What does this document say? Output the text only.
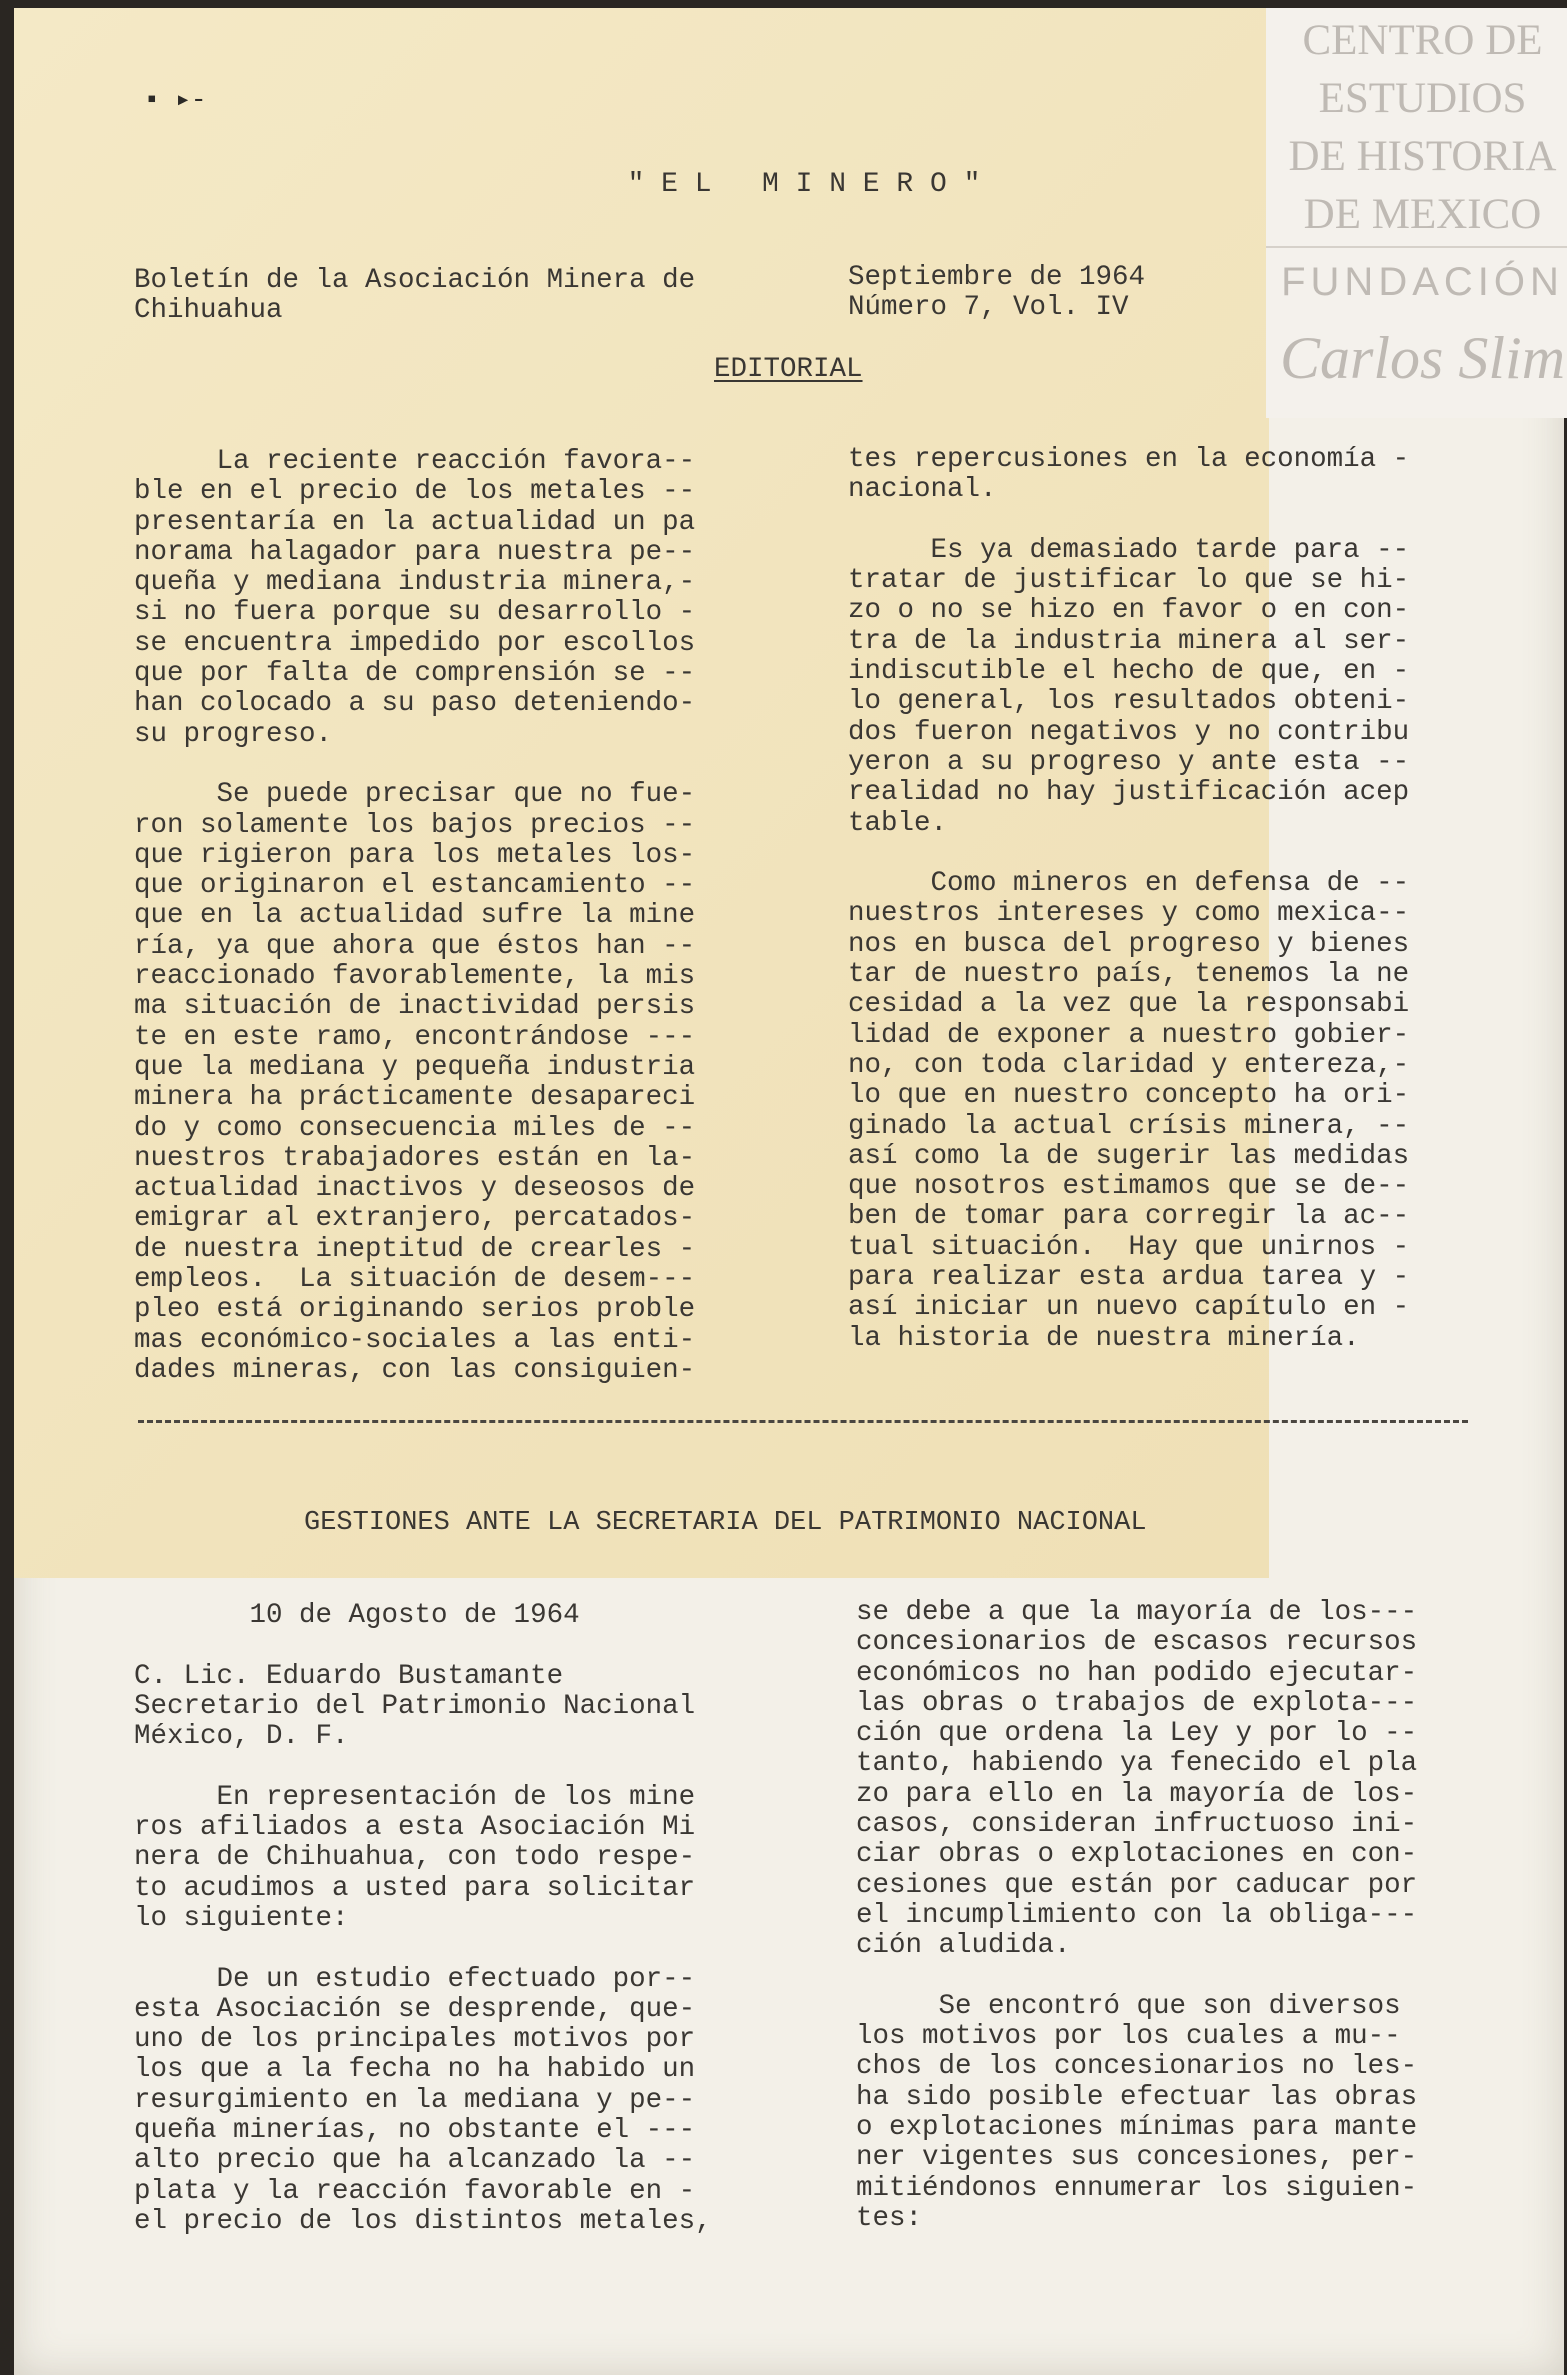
CENTRO DE
ESTUDIOS
DE HISTORIA
DE MEXICO
FUNDACIÓN
Carlos Slim
▪ ▸-
" E L   M I N E R O "
Boletín de la Asociación Minera de
Chihuahua
Septiembre de 1964
Número 7, Vol. IV
EDITORIAL
La reciente reacción favora--
ble en el precio de los metales --
presentaría en la actualidad un pa
norama halagador para nuestra pe--
queña y mediana industria minera,-
si no fuera porque su desarrollo -
se encuentra impedido por escollos
que por falta de comprensión se --
han colocado a su paso deteniendo-
su progreso.

Se puede precisar que no fue-
ron solamente los bajos precios --
que rigieron para los metales los-
que originaron el estancamiento --
que en la actualidad sufre la mine
ría, ya que ahora que éstos han --
reaccionado favorablemente, la mis
ma situación de inactividad persis
te en este ramo, encontrándose ---
que la mediana y pequeña industria
minera ha prácticamente desapareci
do y como consecuencia miles de --
nuestros trabajadores están en la-
actualidad inactivos y deseosos de
emigrar al extranjero, percatados-
de nuestra ineptitud de crearles -
empleos.  La situación de desem---
pleo está originando serios proble
mas económico-sociales a las enti-
dades mineras, con las consiguien-
tes repercusiones en la economía -
nacional.

Es ya demasiado tarde para --
tratar de justificar lo que se hi-
zo o no se hizo en favor o en con-
tra de la industria minera al ser-
indiscutible el hecho de que, en -
lo general, los resultados obteni-
dos fueron negativos y no contribu
yeron a su progreso y ante esta --
realidad no hay justificación acep
table.

Como mineros en defensa de --
nuestros intereses y como mexica--
nos en busca del progreso y bienes
tar de nuestro país, tenemos la ne
cesidad a la vez que la responsabi
lidad de exponer a nuestro gobier-
no, con toda claridad y entereza,-
lo que en nuestro concepto ha ori-
ginado la actual crísis minera, --
así como la de sugerir las medidas
que nosotros estimamos que se de--
ben de tomar para corregir la ac--
tual situación.  Hay que unirnos -
para realizar esta ardua tarea y -
así iniciar un nuevo capítulo en -
la historia de nuestra minería.
GESTIONES ANTE LA SECRETARIA DEL PATRIMONIO NACIONAL
10 de Agosto de 1964

C. Lic. Eduardo Bustamante
Secretario del Patrimonio Nacional
México, D. F.

En representación de los mine
ros afiliados a esta Asociación Mi
nera de Chihuahua, con todo respe-
to acudimos a usted para solicitar
lo siguiente:

De un estudio efectuado por--
esta Asociación se desprende, que-
uno de los principales motivos por
los que a la fecha no ha habido un
resurgimiento en la mediana y pe--
queña minerías, no obstante el ---
alto precio que ha alcanzado la --
plata y la reacción favorable en -
el precio de los distintos metales,
se debe a que la mayoría de los---
concesionarios de escasos recursos
económicos no han podido ejecutar-
las obras o trabajos de explota---
ción que ordena la Ley y por lo --
tanto, habiendo ya fenecido el pla
zo para ello en la mayoría de los-
casos, consideran infructuoso ini-
ciar obras o explotaciones en con-
cesiones que están por caducar por
el incumplimiento con la obliga---
ción aludida.

Se encontró que son diversos
los motivos por los cuales a mu--
chos de los concesionarios no les-
ha sido posible efectuar las obras
o explotaciones mínimas para mante
ner vigentes sus concesiones, per-
mitiéndonos ennumerar los siguien-
tes:
